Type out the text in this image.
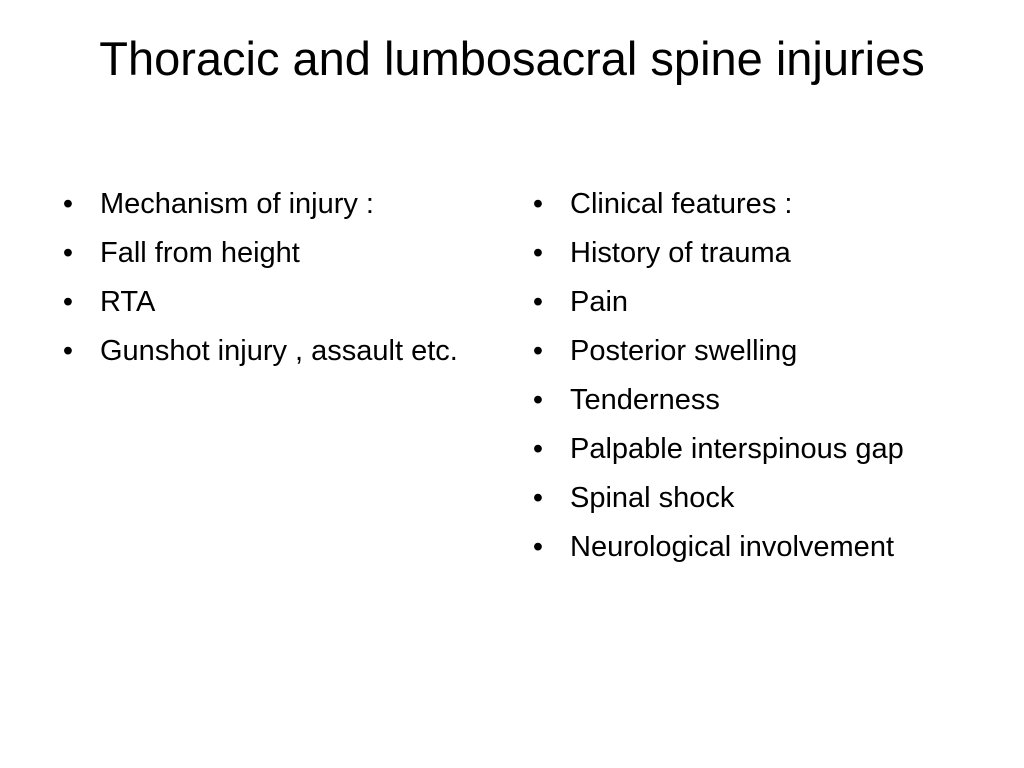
Thoracic and lumbosacral spine injuries
• Mechanism of injury :
• Fall from height
• RTA
• Gunshot injury , assault etc.
• Clinical features :
• History of trauma
• Pain
• Posterior swelling
• Tenderness
• Palpable interspinous gap
• Spinal shock
• Neurological involvement
